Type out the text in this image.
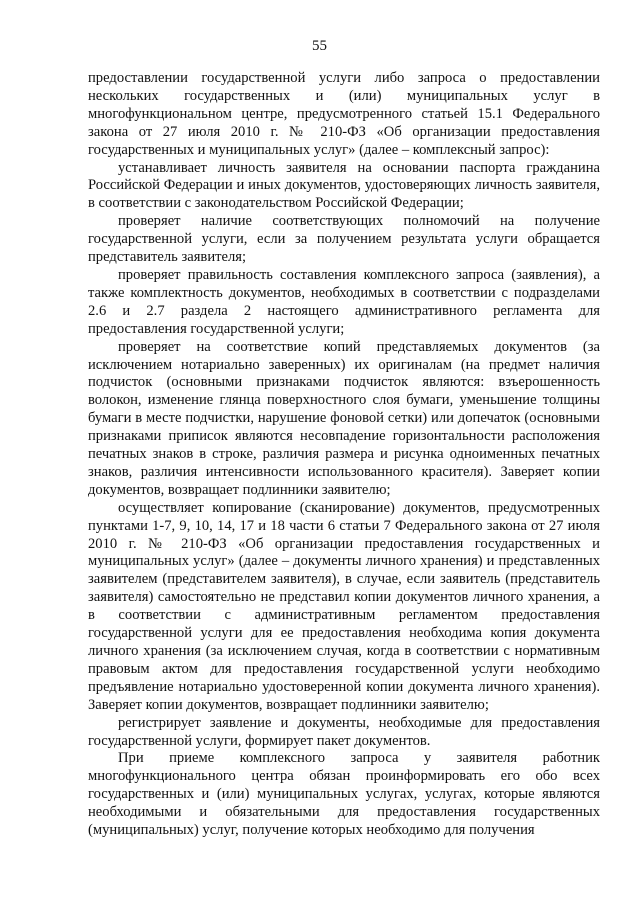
55

предоставлении государственной услуги либо запроса о предоставлении нескольких государственных и (или) муниципальных услуг в многофункциональном центре, предусмотренного статьей 15.1 Федерального закона от 27 июля 2010 г. № 210-ФЗ «Об организации предоставления государственных и муниципальных услуг» (далее – комплексный запрос):

устанавливает личность заявителя на основании паспорта гражданина Российской Федерации и иных документов, удостоверяющих личность заявителя, в соответствии с законодательством Российской Федерации;

проверяет наличие соответствующих полномочий на получение государственной услуги, если за получением результата услуги обращается представитель заявителя;

проверяет правильность составления комплексного запроса (заявления), а также комплектность документов, необходимых в соответствии с подразделами 2.6 и 2.7 раздела 2 настоящего административного регламента для предоставления государственной услуги;

проверяет на соответствие копий представляемых документов (за исключением нотариально заверенных) их оригиналам (на предмет наличия подчисток (основными признаками подчисток являются: взъерошенность волокон, изменение глянца поверхностного слоя бумаги, уменьшение толщины бумаги в месте подчистки, нарушение фоновой сетки) или допечаток (основными признаками приписок являются несовпадение горизонтальности расположения печатных знаков в строке, различия размера и рисунка одноименных печатных знаков, различия интенсивности использованного красителя). Заверяет копии документов, возвращает подлинники заявителю;

осуществляет копирование (сканирование) документов, предусмотренных пунктами 1-7, 9, 10, 14, 17 и 18 части 6 статьи 7 Федерального закона от 27 июля 2010 г. № 210-ФЗ «Об организации предоставления государственных и муниципальных услуг» (далее – документы личного хранения) и представленных заявителем (представителем заявителя), в случае, если заявитель (представитель заявителя) самостоятельно не представил копии документов личного хранения, а в соответствии с административным регламентом предоставления государственной услуги для ее предоставления необходима копия документа личного хранения (за исключением случая, когда в соответствии с нормативным правовым актом для предоставления государственной услуги необходимо предъявление нотариально удостоверенной копии документа личного хранения). Заверяет копии документов, возвращает подлинники заявителю;

регистрирует заявление и документы, необходимые для предоставления государственной услуги, формирует пакет документов.

При приеме комплексного запроса у заявителя работник многофункционального центра обязан проинформировать его обо всех государственных и (или) муниципальных услугах, услугах, которые являются необходимыми и обязательными для предоставления государственных (муниципальных) услуг, получение которых необходимо для получения
